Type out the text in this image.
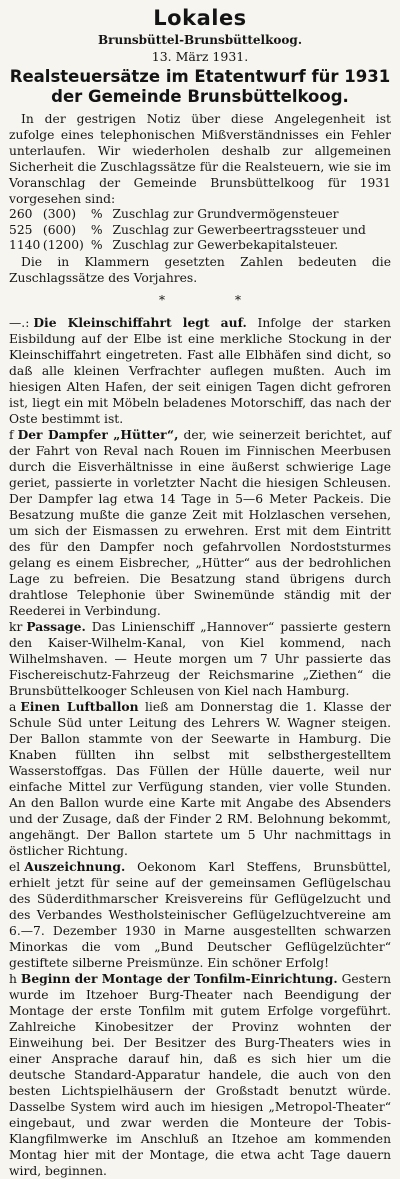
Lokales
Brunsbüttel-Brunsbüttelkoog.
13. März 1931.
Realsteuersätze im Etatentwurf für 1931
der Gemeinde Brunsbüttelkoog.

In der gestrigen Notiz über diese Angelegenheit ist zufolge eines telephonischen Mißverständnisses ein Fehler unterlaufen. Wir wiederholen deshalb zur allgemeinen Sicherheit die Zuschlagssätze für die Realsteuern, wie sie im Voranschlag der Gemeinde Brunsbüttelkoog für 1931 vorgesehen sind:

260 (300) % Zuschlag zur Grundvermögensteuer
525 (600) % Zuschlag zur Gewerbeertragssteuer und
1140 (1200) % Zuschlag zur Gewerbekapitalsteuer.

Die in Klammern gesetzten Zahlen bedeuten die Zuschlagssätze des Vorjahres.

*	*

—.: Die Kleinschiffahrt legt auf. Infolge der starken Eisbildung auf der Elbe ist eine merkliche Stockung in der Kleinschiffahrt eingetreten. Fast alle Elbhäfen sind dicht, so daß alle kleinen Verfrachter auflegen mußten. Auch im hiesigen Alten Hafen, der seit einigen Tagen dicht gefroren ist, liegt ein mit Möbeln beladenes Motorschiff, das nach der Oste bestimmt ist.

f Der Dampfer „Hütter“, der, wie seinerzeit berichtet, auf der Fahrt von Reval nach Rouen im Finnischen Meerbusen durch die Eisverhältnisse in eine äußerst schwierige Lage geriet, passierte in vorletzter Nacht die hiesigen Schleusen. Der Dampfer lag etwa 14 Tage in 5—6 Meter Packeis. Die Besatzung mußte die ganze Zeit mit Holzlaschen versehen, um sich der Eismassen zu erwehren. Erst mit dem Eintritt des für den Dampfer noch gefahrvollen Nordoststurmes gelang es einem Eisbrecher, „Hütter“ aus der bedrohlichen Lage zu befreien. Die Besatzung stand übrigens durch drahtlose Telephonie über Swinemünde ständig mit der Reederei in Verbindung.

kr Passage. Das Linienschiff „Hannover“ passierte gestern den Kaiser-Wilhelm-Kanal, von Kiel kommend, nach Wilhelmshaven. — Heute morgen um 7 Uhr passierte das Fischereischutz-Fahrzeug der Reichsmarine „Ziethen“ die Brunsbüttelkooger Schleusen von Kiel nach Hamburg.

a Einen Luftballon ließ am Donnerstag die 1. Klasse der Schule Süd unter Leitung des Lehrers W. Wagner steigen. Der Ballon stammte von der Seewarte in Hamburg. Die Knaben füllten ihn selbst mit selbsthergestelltem Wasserstoffgas. Das Füllen der Hülle dauerte, weil nur einfache Mittel zur Verfügung standen, vier volle Stunden. An den Ballon wurde eine Karte mit Angabe des Absenders und der Zusage, daß der Finder 2 RM. Belohnung bekommt, angehängt. Der Ballon startete um 5 Uhr nachmittags in östlicher Richtung.

el Auszeichnung. Oekonom Karl Steffens, Brunsbüttel, erhielt jetzt für seine auf der gemeinsamen Geflügelschau des Süderdithmarscher Kreisvereins für Geflügelzucht und des Verbandes Westholsteinischer Geflügelzuchtvereine am 6.—7. Dezember 1930 in Marne ausgestellten schwarzen Minorkas die vom „Bund Deutscher Geflügelzüchter“ gestiftete silberne Preismünze. Ein schöner Erfolg!

h Beginn der Montage der Tonfilm-Einrichtung. Gestern wurde im Itzehoer Burg-Theater nach Beendigung der Montage der erste Tonfilm mit gutem Erfolge vorgeführt. Zahlreiche Kinobesitzer der Provinz wohnten der Einweihung bei. Der Besitzer des Burg-Theaters wies in einer Ansprache darauf hin, daß es sich hier um die deutsche Standard-Apparatur handele, die auch von den besten Lichtspielhäusern der Großstadt benutzt würde. Dasselbe System wird auch im hiesigen „Metropol-Theater“ eingebaut, und zwar werden die Monteure der Tobis-Klangfilmwerke im Anschluß an Itzehoe am kommenden Montag hier mit der Montage, die etwa acht Tage dauern wird, beginnen.
